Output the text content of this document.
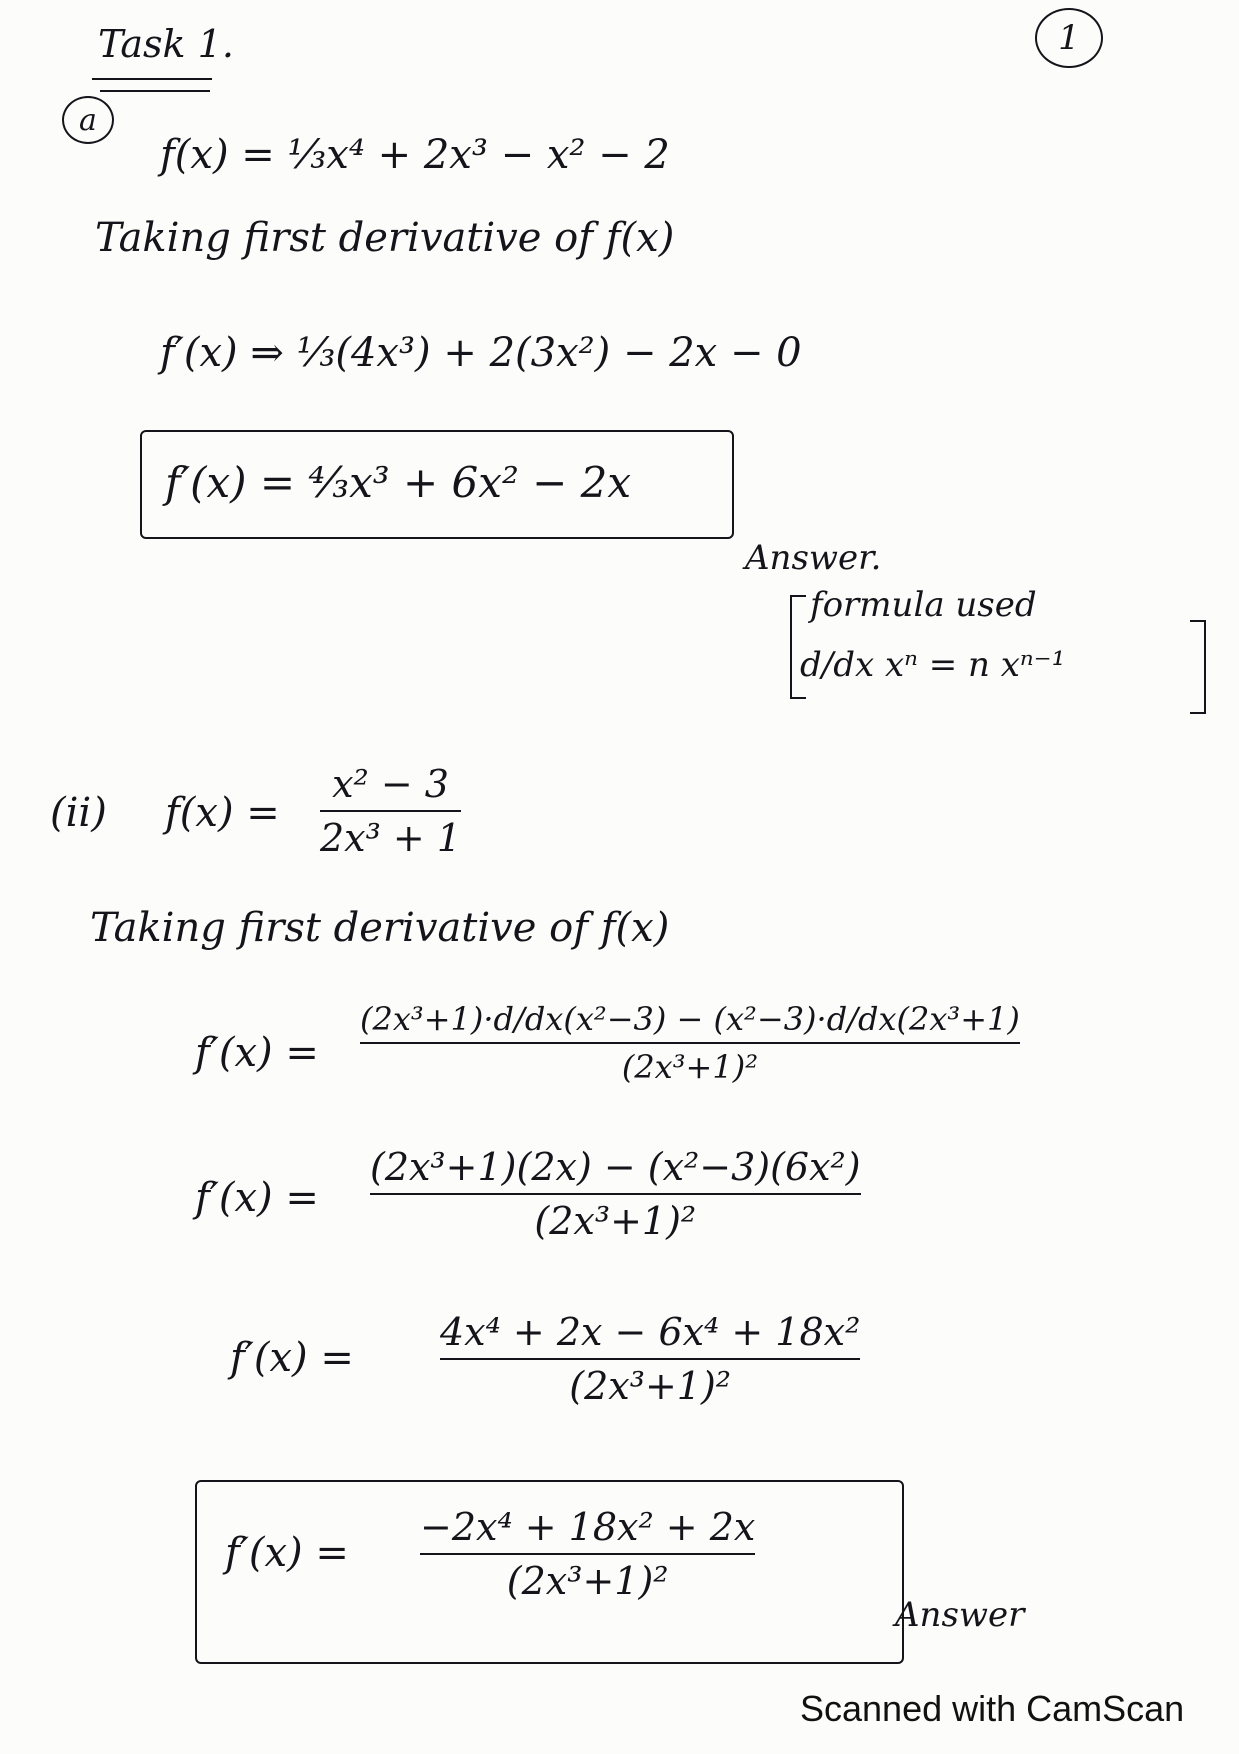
Task 1.	1
a
f(x) = ⅓x⁴ + 2x³ − x² − 2
Taking first derivative of f(x)
f′(x) ⇒ ⅓(4x³) + 2(3x²) − 2x − 0
f′(x) = ⁴⁄₃x³ + 6x² − 2x
Answer.
formula used
d/dx xⁿ = n xⁿ⁻¹
(ii) f(x) =
x² − 3
2x³ + 1
Taking first derivative of f(x)
f′(x) =
(2x³+1)·d/dx(x²−3) − (x²−3)·d/dx(2x³+1)
(2x³+1)²
f′(x) =
(2x³+1)(2x) − (x²−3)(6x²)
(2x³+1)²
f′(x) =
4x⁴ + 2x − 6x⁴ + 18x²
(2x³+1)²
f′(x) =
−2x⁴ + 18x² + 2x
(2x³+1)²
Answer
Scanned with CamScan
